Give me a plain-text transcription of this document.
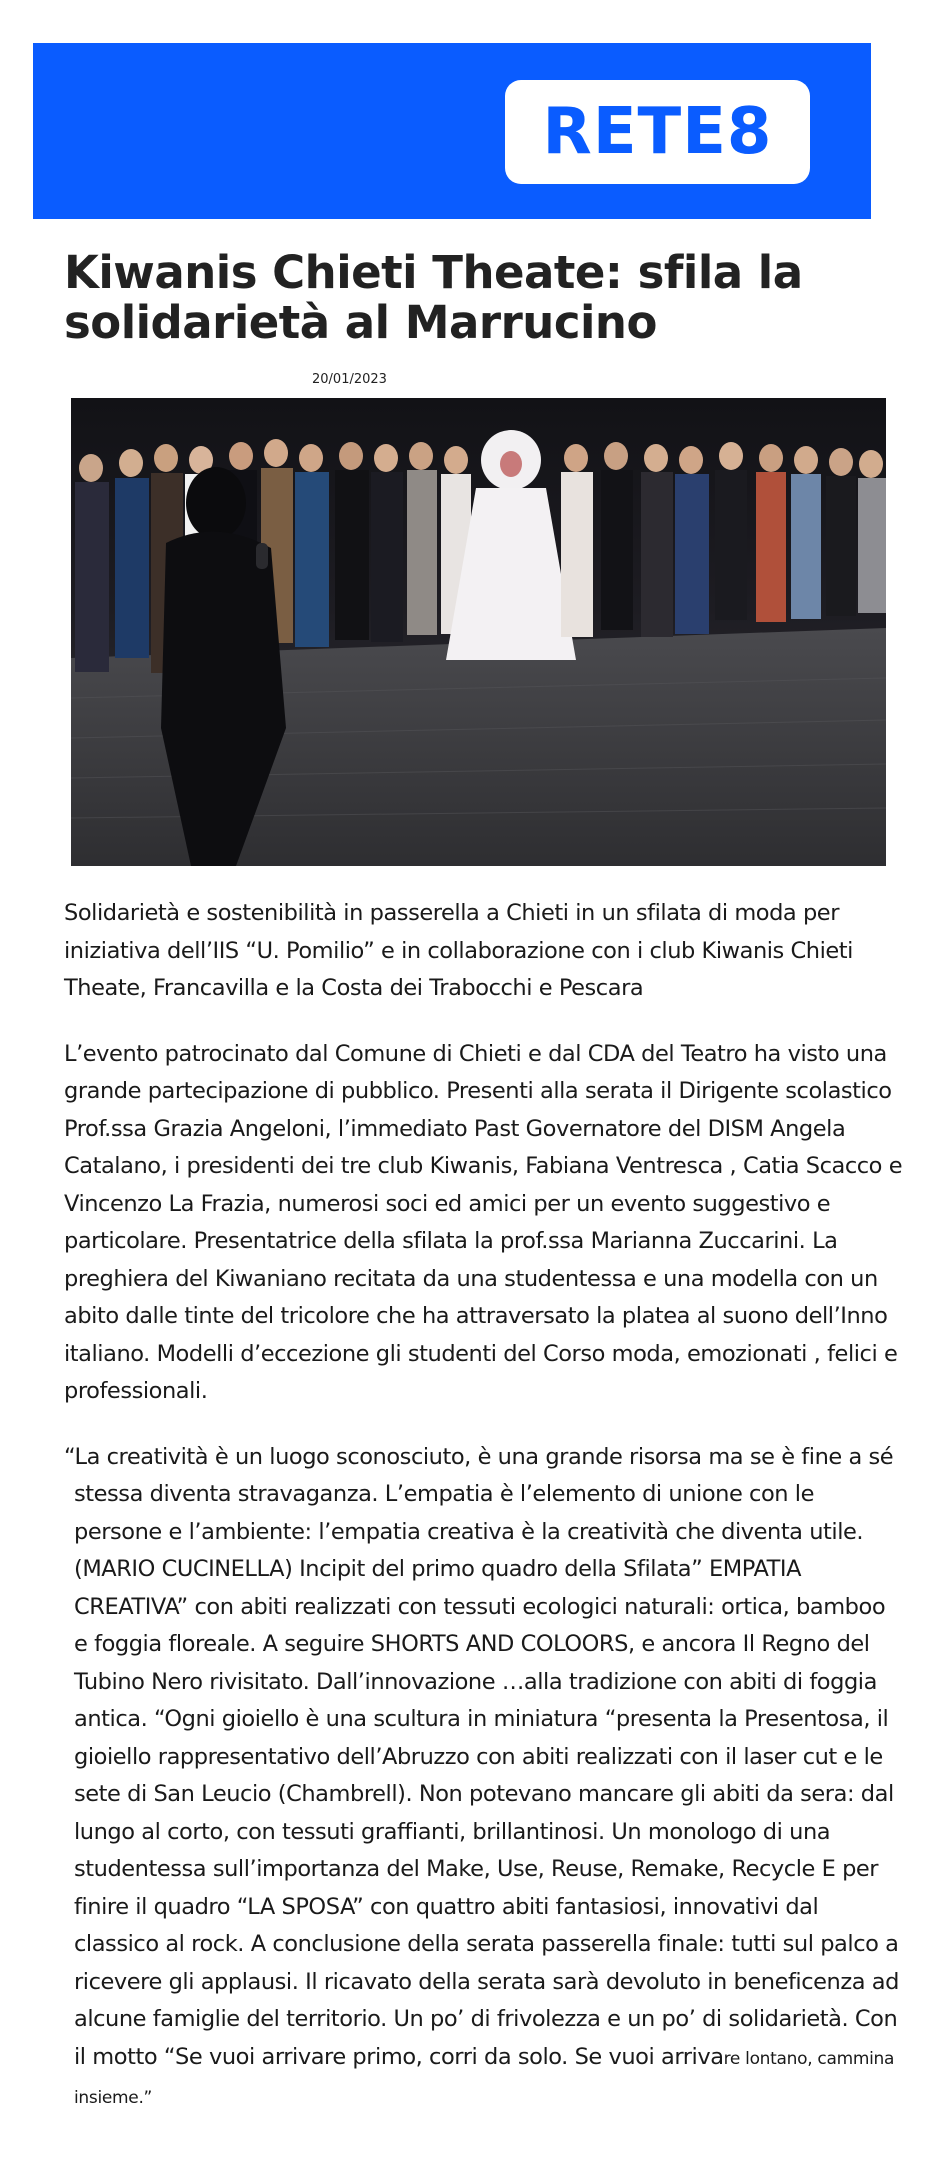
RETE8
Kiwanis Chieti Theate: sfila la solidarietà al Marrucino
20/01/2023

Solidarietà e sostenibilità in passerella a Chieti in un sfilata di moda per iniziativa dell’IIS “U. Pomilio” e in collaborazione con i club Kiwanis Chieti Theate, Francavilla e la Costa dei Trabocchi e Pescara

L’evento patrocinato dal Comune di Chieti e dal CDA del Teatro ha visto una grande partecipazione di pubblico. Presenti alla serata il Dirigente scolastico Prof.ssa Grazia Angeloni, l’immediato Past Governatore del DISM Angela Catalano, i presidenti dei tre club Kiwanis, Fabiana Ventresca , Catia Scacco e Vincenzo La Frazia, numerosi soci ed amici per un evento suggestivo e particolare. Presentatrice della sfilata la prof.ssa Marianna Zuccarini. La preghiera del Kiwaniano recitata da una studentessa e una modella con un abito dalle tinte del tricolore che ha attraversato la platea al suono dell’Inno italiano. Modelli d’eccezione gli studenti del Corso moda, emozionati , felici e professionali.

“La creatività è un luogo sconosciuto, è una grande risorsa ma se è fine a sé stessa diventa stravaganza. L’empatia è l’elemento di unione con le persone e l’ambiente: l’empatia creativa è la creatività che diventa utile. (MARIO CUCINELLA) Incipit del primo quadro della Sfilata” EMPATIA CREATIVA” con abiti realizzati con tessuti ecologici naturali: ortica, bamboo e foggia floreale. A seguire SHORTS AND COLOORS, e ancora Il Regno del Tubino Nero rivisitato. Dall’innovazione …alla tradizione con abiti di foggia antica. “Ogni gioiello è una scultura in miniatura “presenta la Presentosa, il gioiello rappresentativo dell’Abruzzo con abiti realizzati con il laser cut e le sete di San Leucio (Chambrell). Non potevano mancare gli abiti da sera: dal lungo al corto, con tessuti graffianti, brillantinosi. Un monologo di una studentessa sull’importanza del Make, Use, Reuse, Remake, Recycle E per finire il quadro “LA SPOSA” con quattro abiti fantasiosi, innovativi dal classico al rock. A conclusione della serata passerella finale: tutti sul palco a ricevere gli applausi. Il ricavato della serata sarà devoluto in beneficenza ad alcune famiglie del territorio. Un po’ di frivolezza e un po’ di solidarietà. Con il motto “Se vuoi arrivare primo, corri da solo. Se vuoi arrivare lontano, cammina insieme.”
